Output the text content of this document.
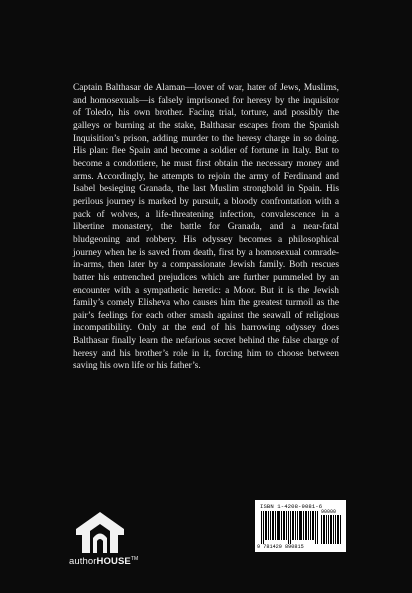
Captain Balthasar de Alaman—lover of war, hater of Jews, Muslims, and homosexuals—is falsely imprisoned for heresy by the inquisitor of Toledo, his own brother. Facing trial, torture, and possibly the galleys or burning at the stake, Balthasar escapes from the Spanish Inquisition’s prison, adding murder to the heresy charge in so doing. His plan: flee Spain and become a soldier of fortune in Italy. But to become a condottiere, he must first obtain the necessary money and arms. Accordingly, he attempts to rejoin the army of Ferdinand and Isabel besieging Granada, the last Muslim stronghold in Spain. His perilous journey is marked by pursuit, a bloody confrontation with a pack of wolves, a life-threatening infection, convalescence in a libertine monastery, the battle for Granada, and a near-fatal bludgeoning and robbery. His odyssey becomes a philosophical journey when he is saved from death, first by a homosexual comrade-in-arms, then later by a compassionate Jewish family. Both rescues batter his entrenched prejudices which are further pummeled by an encounter with a sympathetic heretic: a Moor. But it is the Jewish family’s comely Elisheva who causes him the greatest turmoil as the pair’s feelings for each other smash against the seawall of religious incompatibility. Only at the end of his harrowing odyssey does Balthasar finally learn the nefarious secret behind the false charge of heresy and his brother’s role in it, forcing him to choose between saving his own life or his father’s.

authorHOUSE™
ISBN 1-4208-9081-6
90000
9 781420 890815
